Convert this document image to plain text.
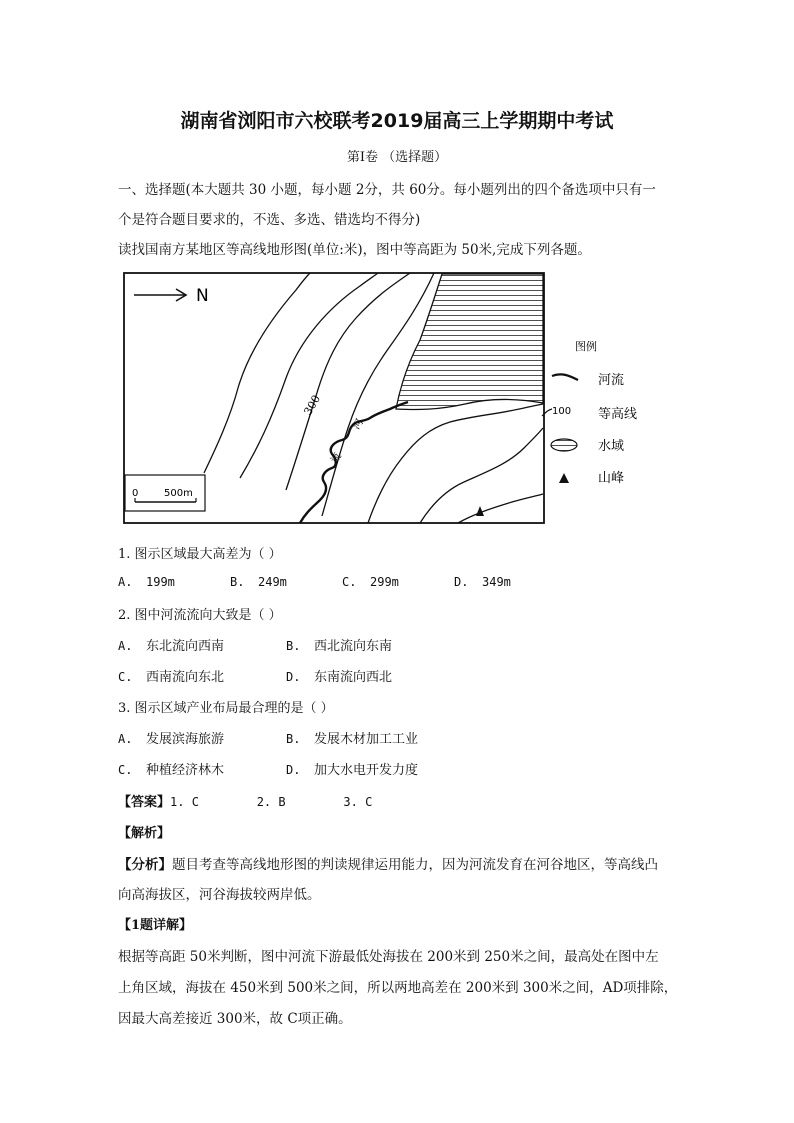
湖南省浏阳市六校联考2019届高三上学期期中考试
第I卷 （选择题）
一、选择题(本大题共 30 小题，每小题 2分，共 60分。每小题列出的四个备选项中只有一
个是符合题目要求的，不选、多选、错选均不得分)
读找国南方某地区等高线地形图(单位:米)，图中等高距为 50米,完成下列各题。
N
河
流
300
0	500m
图例
河流
100 等高线
水域
山峰
1. 图示区域最大高差为（ ）
A. 199m	B. 249m	C. 299m	D. 349m
2. 图中河流流向大致是（ ）
A. 东北流向西南	B. 西北流向东南
C. 西南流向东北	D. 东南流向西北
3. 图示区域产业布局最合理的是（ ）
A. 发展滨海旅游	B. 发展木材加工工业
C. 种植经济林木	D. 加大水电开发力度
【答案】1. C        2. B        3. C
【解析】
【分析】题目考查等高线地形图的判读规律运用能力，因为河流发育在河谷地区，等高线凸
向高海拔区，河谷海拔较两岸低。
【1题详解】
根据等高距 50米判断，图中河流下游最低处海拔在 200米到 250米之间，最高处在图中左
上角区域，海拔在 450米到 500米之间，所以两地高差在 200米到 300米之间，AD项排除，
因最大高差接近 300米，故 C项正确。
